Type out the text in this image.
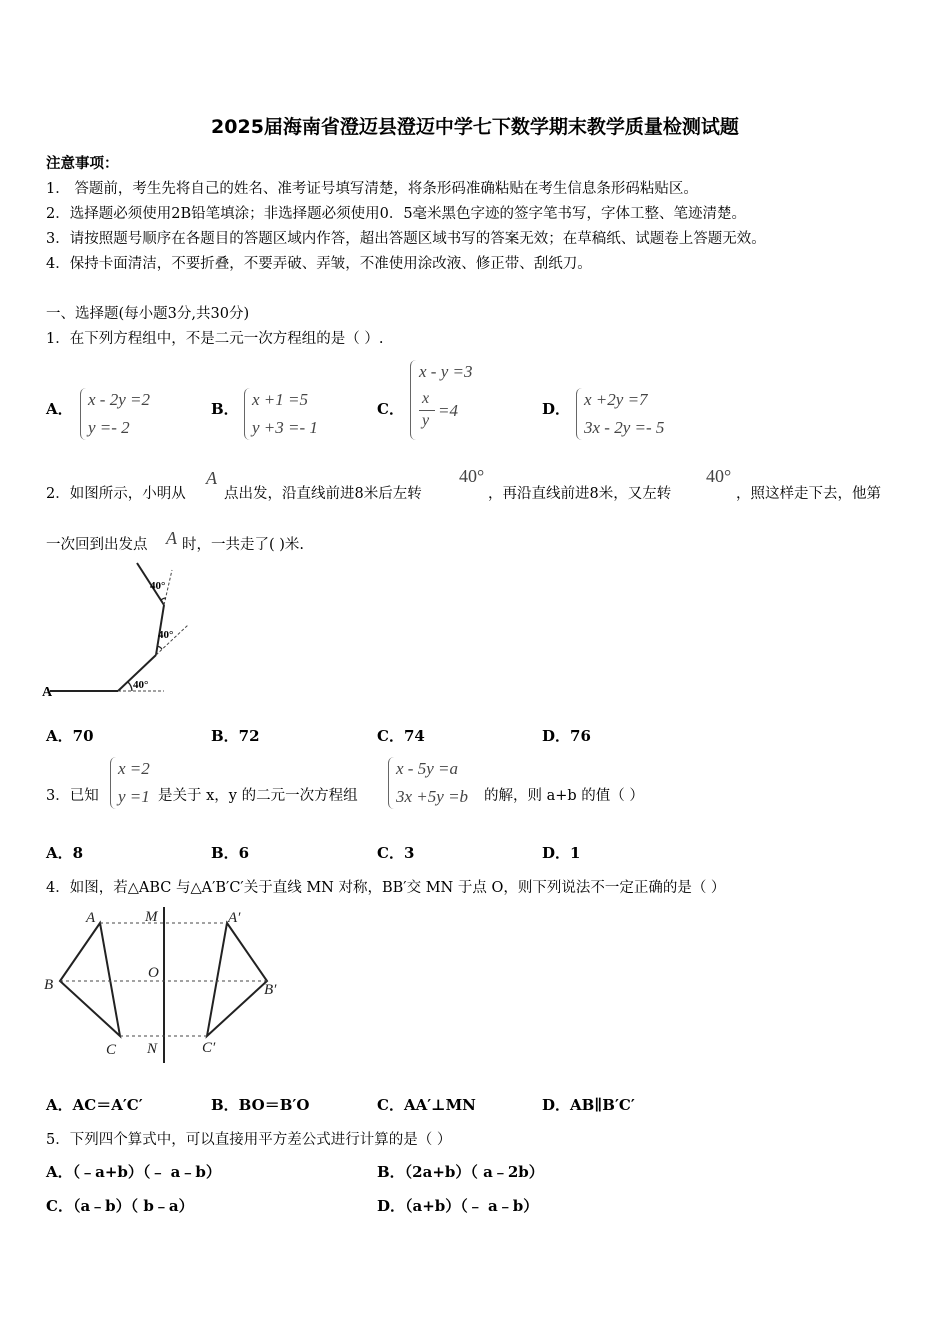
2025届海南省澄迈县澄迈中学七下数学期末教学质量检测试题
注意事项：
1． 答题前，考生先将自己的姓名、准考证号填写清楚，将条形码准确粘贴在考生信息条形码粘贴区。
2．选择题必须使用2B铅笔填涂；非选择题必须使用0．5毫米黑色字迹的签字笔书写，字体工整、笔迹清楚。
3．请按照题号顺序在各题目的答题区域内作答，超出答题区域书写的答案无效；在草稿纸、试题卷上答题无效。
4．保持卡面清洁，不要折叠，不要弄破、弄皱，不准使用涂改液、修正带、刮纸刀。
一、选择题(每小题3分,共30分)
1．在下列方程组中，不是二元一次方程组的是（ ）.
A． x - 2y =2
y =- 2
B． x +1 =5
y +3 =- 1
C．
x - y =3
x
y
=4	D． x +2y =7
3x - 2y =- 5
2．如图所示，小明从
A
点出发，沿直线前进8米后左转
40°
，再沿直线前进8米，又左转
40°
，照这样走下去，他第
一次回到出发点 A 时，一共走了( )米.
A	40°
40°
40°
A．70	B．72	C．74	D．76
3．已知
x =2
y =1 是关于 x，y 的二元一次方程组
x - 5y =a
3x +5y =b 的解，则 a+b 的值（ ）
A．8	B．6	C．3	D．1
4．如图，若△ABC 与△A′B′C′关于直线 MN 对称，BB′交 MN 于点 O，则下列说法不一定正确的是（ ）
A
B
C
M
O
N
A′
B′
C′
A．AC＝A′C′	B．BO＝B′O	C．AA′⊥MN	D．AB∥B′C′
5．下列四个算式中，可以直接用平方差公式进行计算的是（ ）
A．（﹣a+b）（﹣ a﹣b）	B．（2a+b）（ a﹣2b）
C．（a﹣b）（ b﹣a）	D．（a+b）（﹣ a﹣b）
